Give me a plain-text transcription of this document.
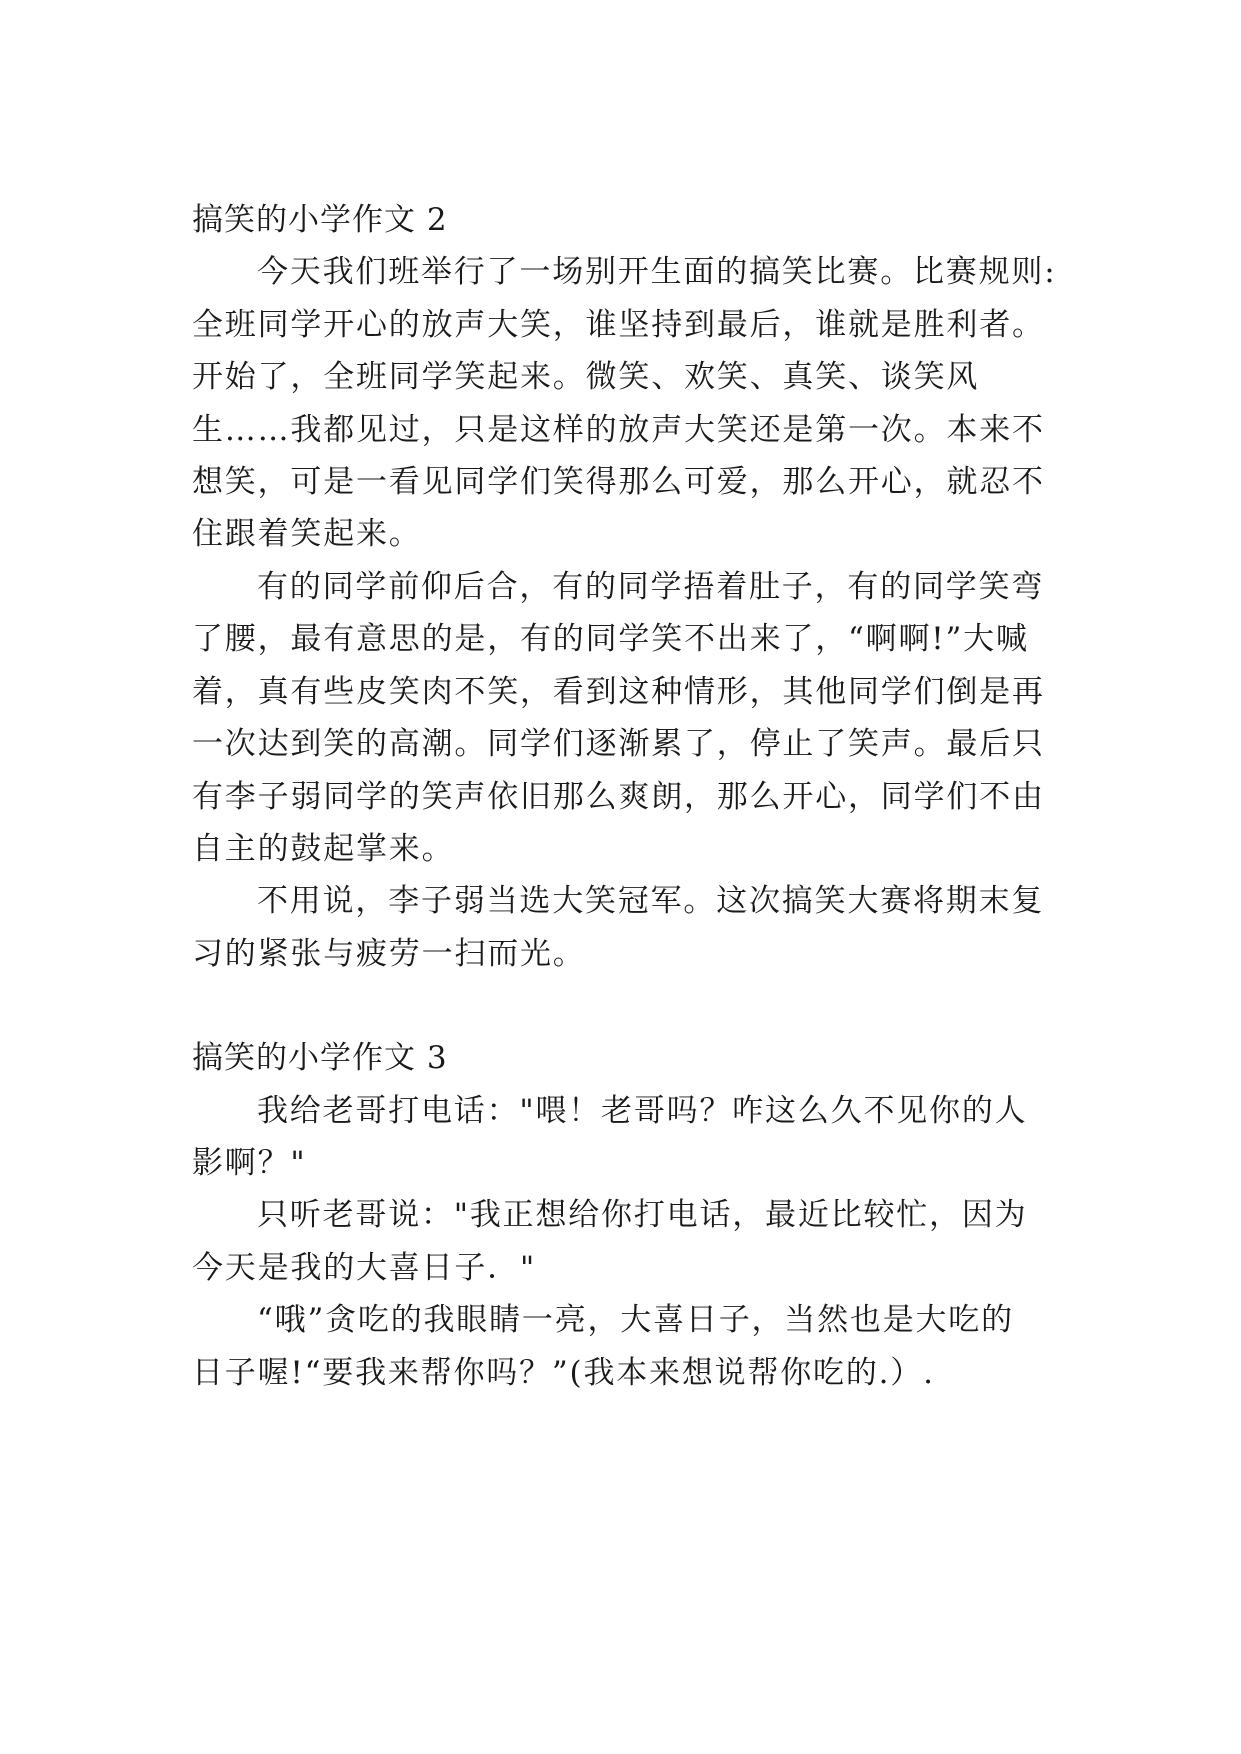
搞笑的小学作文 2
今天我们班举行了一场别开生面的搞笑比赛。比赛规则:
全班同学开心的放声大笑，谁坚持到最后，谁就是胜利者。
开始了，全班同学笑起来。微笑、欢笑、真笑、谈笑风
生……我都见过，只是这样的放声大笑还是第一次。本来不
想笑，可是一看见同学们笑得那么可爱，那么开心，就忍不
住跟着笑起来。
有的同学前仰后合，有的同学捂着肚子，有的同学笑弯
了腰，最有意思的是，有的同学笑不出来了，“啊啊!”大喊
着，真有些皮笑肉不笑，看到这种情形，其他同学们倒是再
一次达到笑的高潮。同学们逐渐累了，停止了笑声。最后只
有李子弱同学的笑声依旧那么爽朗，那么开心，同学们不由
自主的鼓起掌来。
不用说，李子弱当选大笑冠军。这次搞笑大赛将期末复
习的紧张与疲劳一扫而光。
搞笑的小学作文 3
我给老哥打电话："喂！老哥吗？咋这么久不见你的人
影啊？"
只听老哥说："我正想给你打电话，最近比较忙，因为
今天是我的大喜日子．"
“哦”贪吃的我眼睛一亮，大喜日子，当然也是大吃的
日子喔!“要我来帮你吗？”(我本来想说帮你吃的.）.
